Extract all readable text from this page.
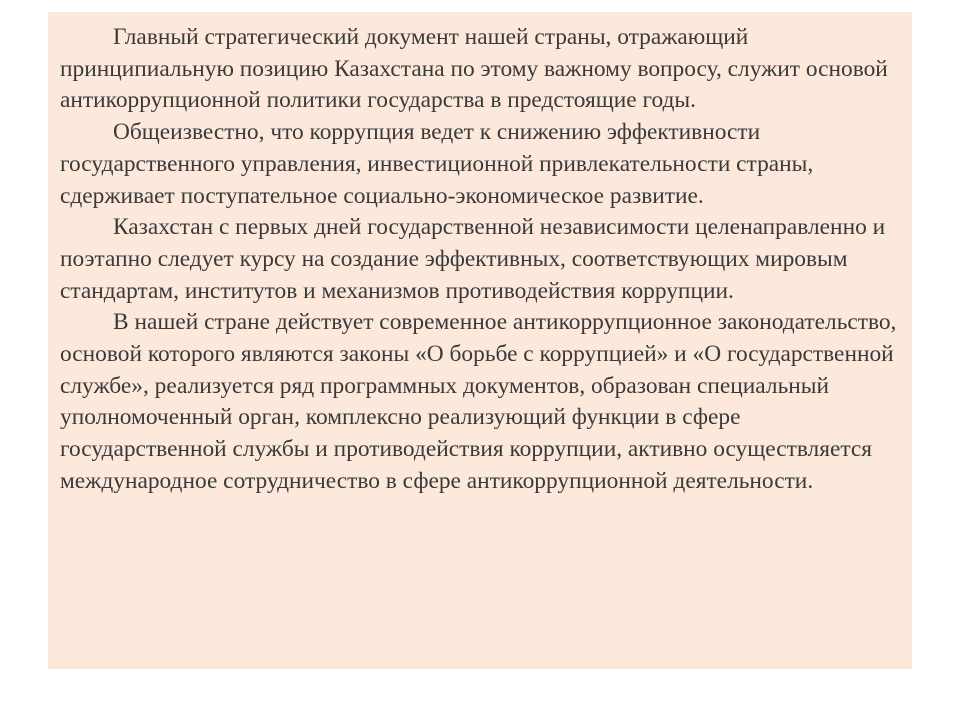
Главный стратегический документ нашей страны, отражающий принципиальную позицию Казахстана по этому важному вопросу, служит основой антикоррупционной политики государства в предстоящие годы.

Общеизвестно, что коррупция ведет к снижению эффективности государственного управления, инвестиционной привлекательности страны, сдерживает поступательное социально-экономическое развитие.

Казахстан с первых дней государственной независимости целенаправленно и поэтапно следует курсу на создание эффективных, соответствующих мировым стандартам, институтов и механизмов противодействия коррупции.

В нашей стране действует современное антикоррупционное законодательство, основой которого являются законы «О борьбе с коррупцией» и «О государственной службе», реализуется ряд программных документов, образован специальный уполномоченный орган, комплексно реализующий функции в сфере государственной службы и противодействия коррупции, активно осуществляется международное сотрудничество в сфере антикоррупционной деятельности.
